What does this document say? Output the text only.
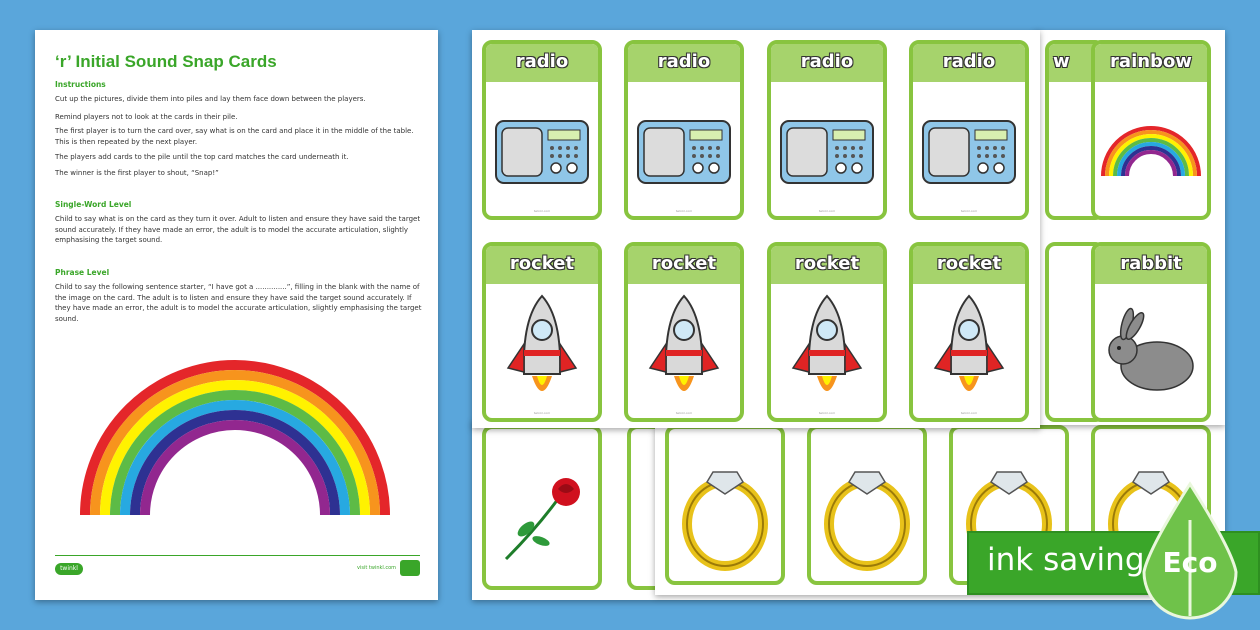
‘r’ Initial Sound Snap Cards
Instructions
Cut up the pictures, divide them into piles and lay them face down between the players.
Remind players not to look at the cards in their pile.
The first player is to turn the card over, say what is on the card and place it in the middle of the table. This is then repeated by the next player.
The players add cards to the pile until the top card matches the card underneath it.
The winner is the first player to shout, “Snap!”
Single-Word Level
Child to say what is on the card as they turn it over. Adult to listen and ensure they have said the target sound accurately. If they have made an error, the adult is to model the accurate articulation, slightly emphasising the target sound.
Phrase Level
Child to say the following sentence starter, “I have got a ..............”, filling in the blank with the name of the image on the card. The adult is to listen and ensure they have said the target sound accurately. If they have made an error, the adult is to model the accurate articulation, slightly emphasising the target sound.
twinkl	visit twinkl.com
w	rainbow
rabbit
radio
twinkl.com
radio
twinkl.com
radio
twinkl.com
radio
twinkl.com
rocket
twinkl.com
rocket
twinkl.com
rocket
twinkl.com
rocket
twinkl.com
ink saving Eco
